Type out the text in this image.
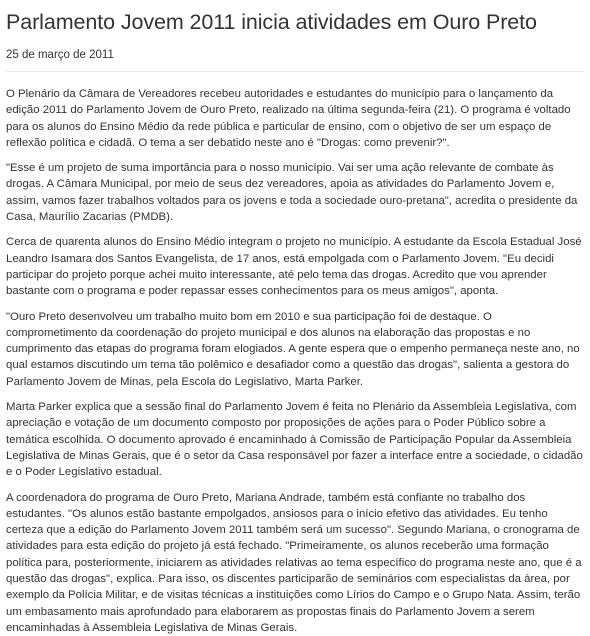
Parlamento Jovem 2011 inicia atividades em Ouro Preto
25 de março de 2011

O Plenário da Câmara de Vereadores recebeu autoridades e estudantes do município para o lançamento da edição 2011 do Parlamento Jovem de Ouro Preto, realizado na última segunda-feira (21). O programa é voltado para os alunos do Ensino Médio da rede pública e particular de ensino, com o objetivo de ser um espaço de reflexão política e cidadã. O tema a ser debatido neste ano é "Drogas: como prevenir?".

"Esse é um projeto de suma importância para o nosso município. Vai ser uma ação relevante de combate às drogas. A Câmara Municipal, por meio de seus dez vereadores, apoia as atividades do Parlamento Jovem e, assim, vamos fazer trabalhos voltados para os jovens e toda a sociedade ouro-pretana", acredita o presidente da Casa, Maurílio Zacarias (PMDB).

Cerca de quarenta alunos do Ensino Médio integram o projeto no município. A estudante da Escola Estadual José Leandro Isamara dos Santos Evangelista, de 17 anos, está empolgada com o Parlamento Jovem. "Eu decidi participar do projeto porque achei muito interessante, até pelo tema das drogas. Acredito que vou aprender bastante com o programa e poder repassar esses conhecimentos para os meus amigos", aponta.

"Ouro Preto desenvolveu um trabalho muito bom em 2010 e sua participação foi de destaque. O comprometimento da coordenação do projeto municipal e dos alunos na elaboração das propostas e no cumprimento das etapas do programa foram elogiados. A gente espera que o empenho permaneça neste ano, no qual estamos discutindo um tema tão polêmico e desafiador como a questão das drogas", salienta a gestora do Parlamento Jovem de Minas, pela Escola do Legislativo, Marta Parker.

Marta Parker explica que a sessão final do Parlamento Jovem é feita no Plenário da Assembleia Legislativa, com apreciação e votação de um documento composto por proposições de ações para o Poder Público sobre a temática escolhida. O documento aprovado é encaminhado à Comissão de Participação Popular da Assembleia Legislativa de Minas Gerais, que é o setor da Casa responsável por fazer a interface entre a sociedade, o cidadão e o Poder Legislativo estadual.

A coordenadora do programa de Ouro Preto, Mariana Andrade, também está confiante no trabalho dos estudantes. "Os alunos estão bastante empolgados, ansiosos para o início efetivo das atividades. Eu tenho certeza que a edição do Parlamento Jovem 2011 também será um sucesso". Segundo Mariana, o cronograma de atividades para esta edição do projeto já está fechado. "Primeiramente, os alunos receberão uma formação política para, posteriormente, iniciarem as atividades relativas ao tema específico do programa neste ano, que é a questão das drogas", explica. Para isso, os discentes participarão de seminários com especialistas da área, por exemplo da Polícia Militar, e de visitas técnicas a instituições como Lírios do Campo e o Grupo Nata. Assim, terão um embasamento mais aprofundado para elaborarem as propostas finais do Parlamento Jovem a serem encaminhadas à Assembleia Legislativa de Minas Gerais.
